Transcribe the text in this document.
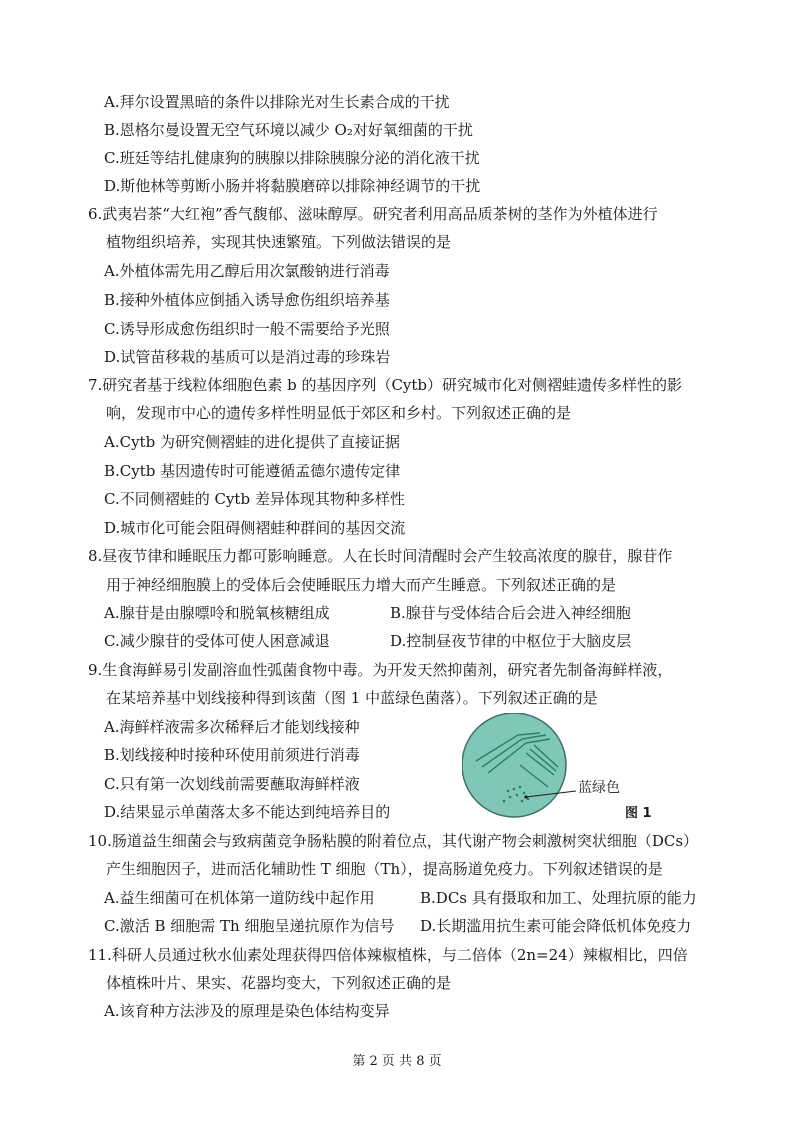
A.拜尔设置黑暗的条件以排除光对生长素合成的干扰
B.恩格尔曼设置无空气环境以减少 O₂对好氧细菌的干扰
C.班廷等结扎健康狗的胰腺以排除胰腺分泌的消化液干扰
D.斯他林等剪断小肠并将黏膜磨碎以排除神经调节的干扰
6.武夷岩茶“大红袍”香气馥郁、滋味醇厚。研究者利用高品质茶树的茎作为外植体进行
植物组织培养，实现其快速繁殖。下列做法错误的是
A.外植体需先用乙醇后用次氯酸钠进行消毒
B.接种外植体应倒插入诱导愈伤组织培养基
C.诱导形成愈伤组织时一般不需要给予光照
D.试管苗移栽的基质可以是消过毒的珍珠岩
7.研究者基于线粒体细胞色素 b 的基因序列（Cytb）研究城市化对侧褶蛙遗传多样性的影
响，发现市中心的遗传多样性明显低于郊区和乡村。下列叙述正确的是
A.Cytb 为研究侧褶蛙的进化提供了直接证据
B.Cytb 基因遗传时可能遵循孟德尔遗传定律
C.不同侧褶蛙的 Cytb 差异体现其物种多样性
D.城市化可能会阻碍侧褶蛙种群间的基因交流
8.昼夜节律和睡眠压力都可影响睡意。人在长时间清醒时会产生较高浓度的腺苷，腺苷作
用于神经细胞膜上的受体后会使睡眠压力增大而产生睡意。下列叙述正确的是
A.腺苷是由腺嘌呤和脱氧核糖组成	B.腺苷与受体结合后会进入神经细胞
C.减少腺苷的受体可使人困意减退	D.控制昼夜节律的中枢位于大脑皮层
9.生食海鲜易引发副溶血性弧菌食物中毒。为开发天然抑菌剂，研究者先制备海鲜样液，
在某培养基中划线接种得到该菌（图 1 中蓝绿色菌落）。下列叙述正确的是
A.海鲜样液需多次稀释后才能划线接种
B.划线接种时接种环使用前须进行消毒
C.只有第一次划线前需要蘸取海鲜样液
D.结果显示单菌落太多不能达到纯培养目的
蓝绿色
图 1
10.肠道益生细菌会与致病菌竞争肠粘膜的附着位点，其代谢产物会刺激树突状细胞（DCs）
产生细胞因子，进而活化辅助性 T 细胞（Th），提高肠道免疫力。下列叙述错误的是
A.益生细菌可在机体第一道防线中起作用	B.DCs 具有摄取和加工、处理抗原的能力
C.激活 B 细胞需 Th 细胞呈递抗原作为信号 D.长期滥用抗生素可能会降低机体免疫力
11.科研人员通过秋水仙素处理获得四倍体辣椒植株，与二倍体（2n=24）辣椒相比，四倍
体植株叶片、果实、花器均变大，下列叙述正确的是
A.该育种方法涉及的原理是染色体结构变异
第 2 页 共 8 页
